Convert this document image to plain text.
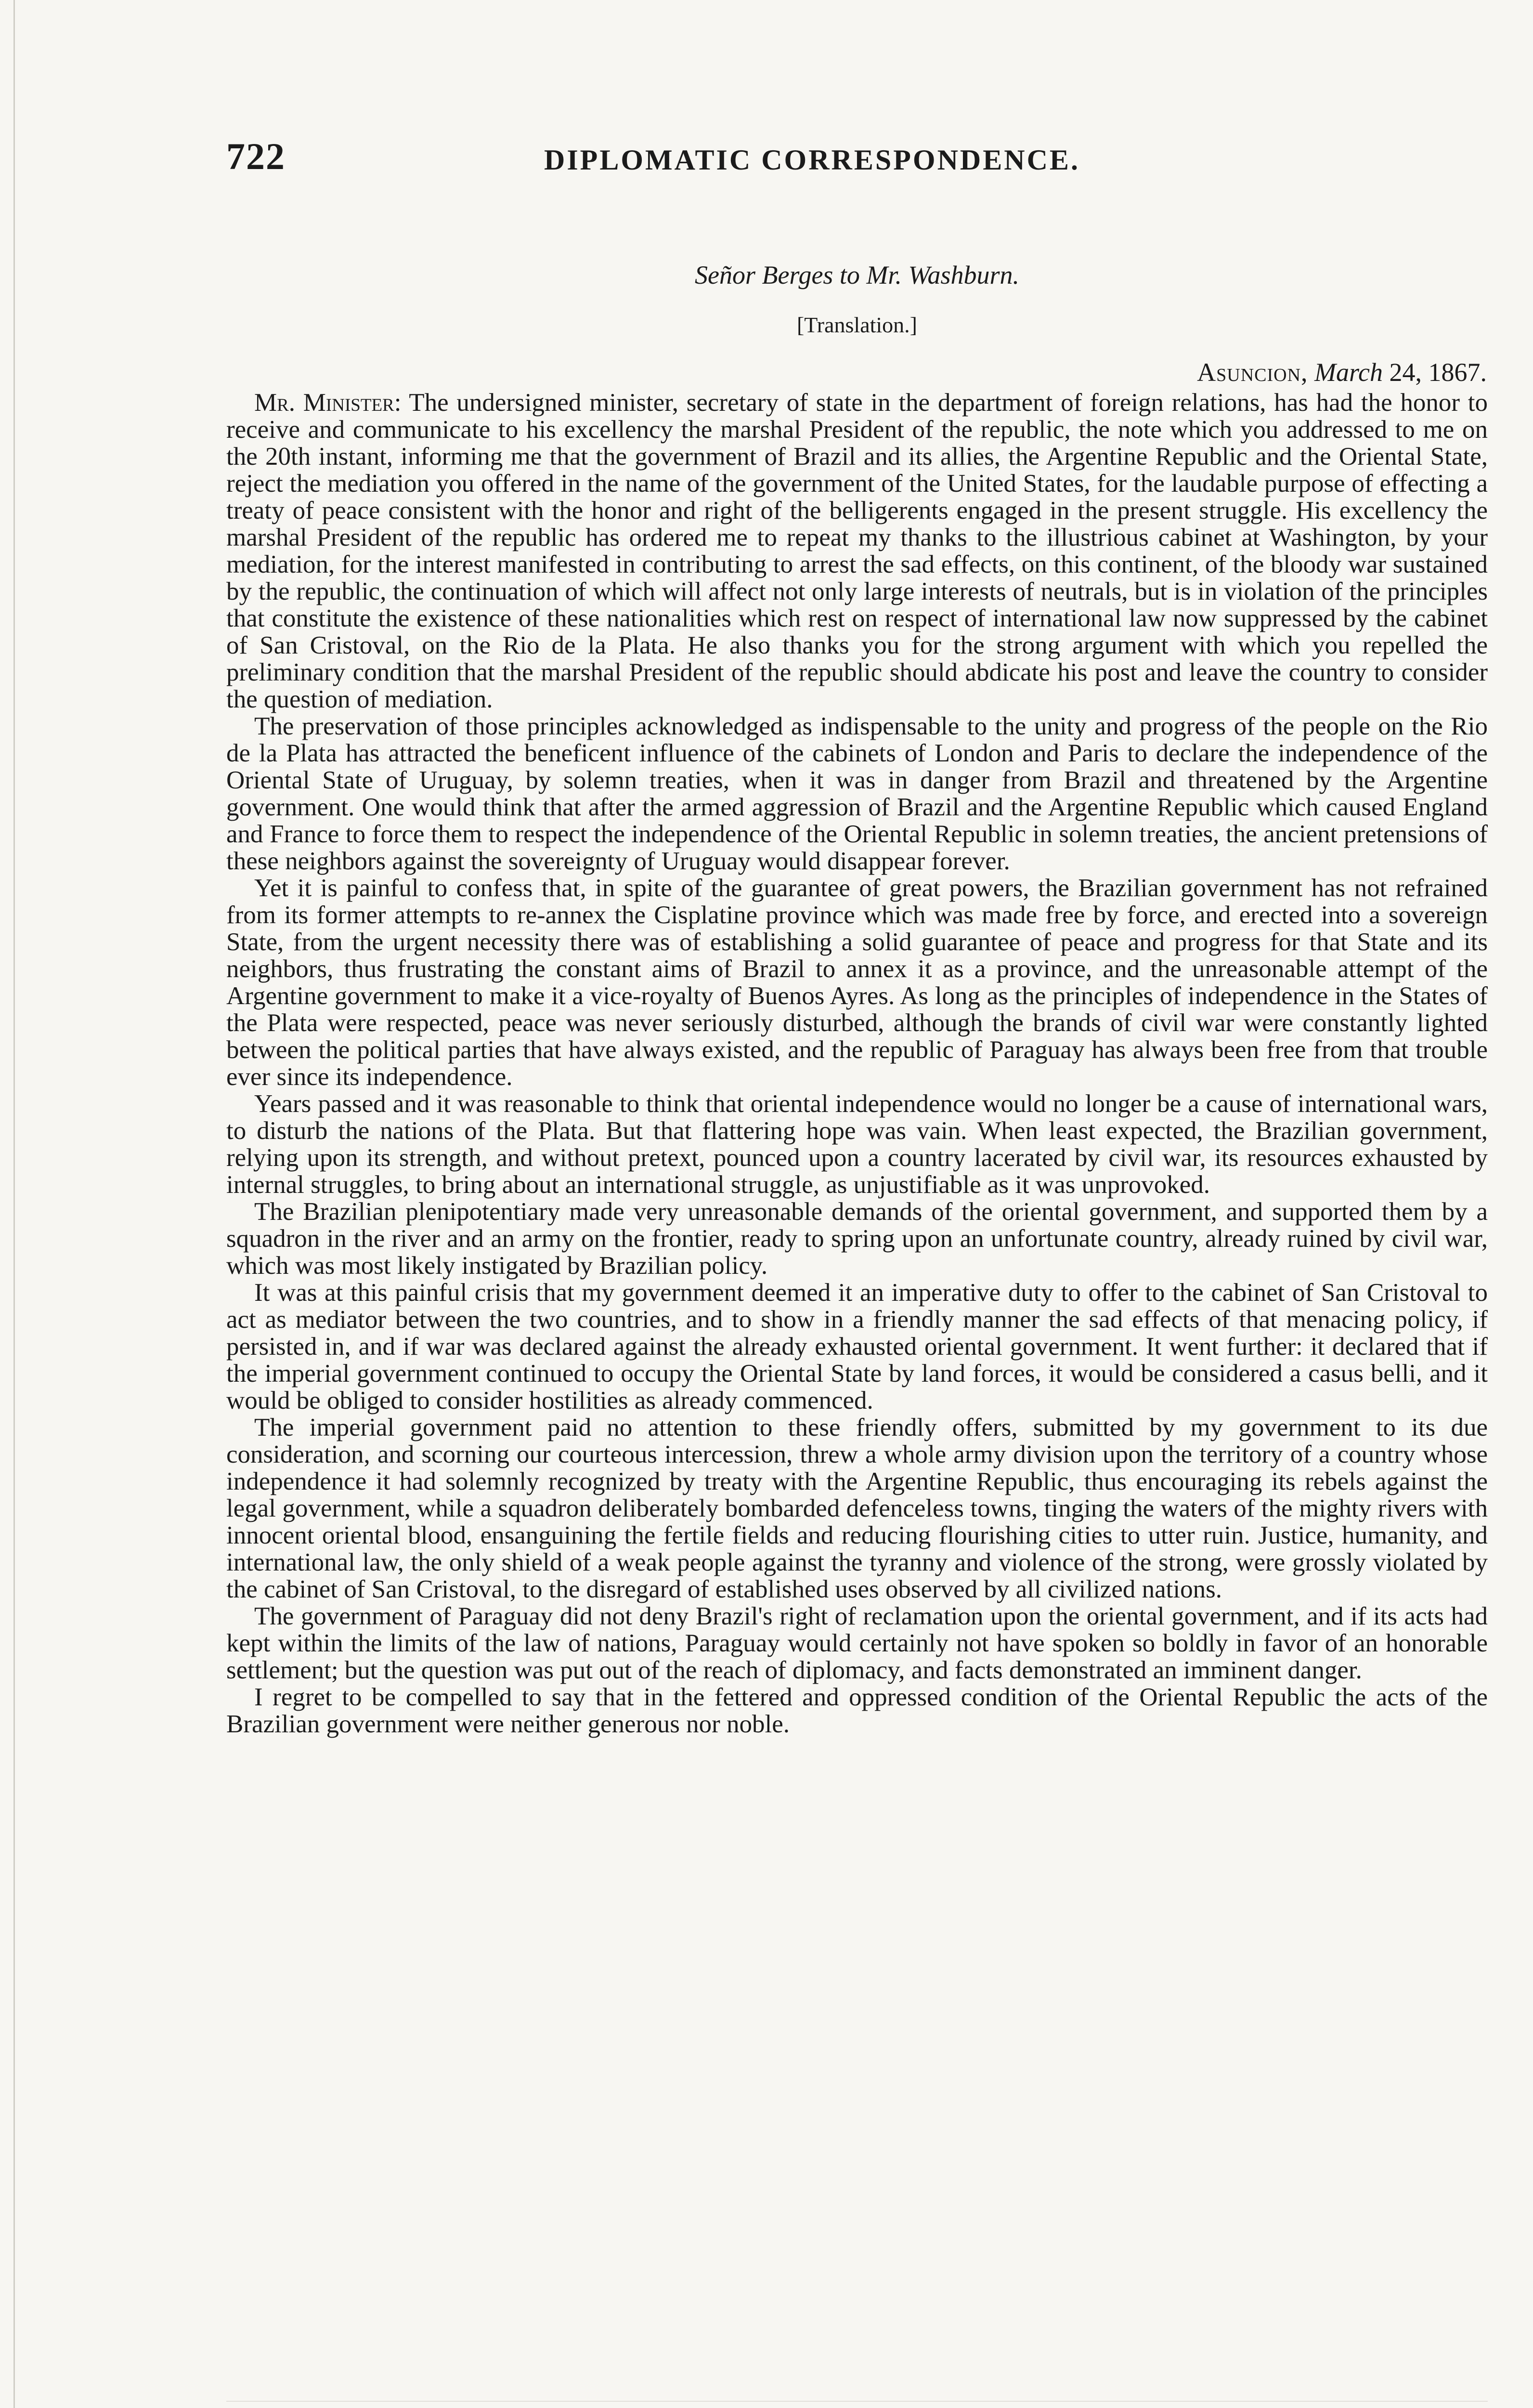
722	DIPLOMATIC CORRESPONDENCE.
Señor Berges to Mr. Washburn.
[Translation.]
Asuncion, March 24, 1867.

Mr. Minister: The undersigned minister, secretary of state in the department of foreign relations, has had the honor to receive and communicate to his excellency the marshal President of the republic, the note which you addressed to me on the 20th instant, informing me that the government of Brazil and its allies, the Argentine Republic and the Oriental State, reject the mediation you offered in the name of the government of the United States, for the laudable purpose of effecting a treaty of peace consistent with the honor and right of the belligerents engaged in the present struggle. His excellency the marshal President of the republic has ordered me to repeat my thanks to the illustrious cabinet at Washington, by your mediation, for the interest manifested in contributing to arrest the sad effects, on this continent, of the bloody war sustained by the republic, the continuation of which will affect not only large interests of neutrals, but is in violation of the principles that constitute the existence of these nationalities which rest on respect of international law now suppressed by the cabinet of San Cristoval, on the Rio de la Plata. He also thanks you for the strong argument with which you repelled the preliminary condition that the marshal President of the republic should abdicate his post and leave the country to consider the question of mediation.

The preservation of those principles acknowledged as indispensable to the unity and progress of the people on the Rio de la Plata has attracted the beneficent influence of the cabinets of London and Paris to declare the independence of the Oriental State of Uruguay, by solemn treaties, when it was in danger from Brazil and threatened by the Argentine government. One would think that after the armed aggression of Brazil and the Argentine Republic which caused England and France to force them to respect the independence of the Oriental Republic in solemn treaties, the ancient pretensions of these neighbors against the sovereignty of Uruguay would disappear forever.

Yet it is painful to confess that, in spite of the guarantee of great powers, the Brazilian government has not refrained from its former attempts to re-annex the Cisplatine province which was made free by force, and erected into a sovereign State, from the urgent necessity there was of establishing a solid guarantee of peace and progress for that State and its neighbors, thus frustrating the constant aims of Brazil to annex it as a province, and the unreasonable attempt of the Argentine government to make it a vice-royalty of Buenos Ayres. As long as the principles of independence in the States of the Plata were respected, peace was never seriously disturbed, although the brands of civil war were constantly lighted between the political parties that have always existed, and the republic of Paraguay has always been free from that trouble ever since its independence.

Years passed and it was reasonable to think that oriental independence would no longer be a cause of international wars, to disturb the nations of the Plata. But that flattering hope was vain. When least expected, the Brazilian government, relying upon its strength, and without pretext, pounced upon a country lacerated by civil war, its resources exhausted by internal struggles, to bring about an international struggle, as unjustifiable as it was unprovoked.

The Brazilian plenipotentiary made very unreasonable demands of the oriental government, and supported them by a squadron in the river and an army on the frontier, ready to spring upon an unfortunate country, already ruined by civil war, which was most likely instigated by Brazilian policy.

It was at this painful crisis that my government deemed it an imperative duty to offer to the cabinet of San Cristoval to act as mediator between the two countries, and to show in a friendly manner the sad effects of that menacing policy, if persisted in, and if war was declared against the already exhausted oriental government. It went further: it declared that if the imperial government continued to occupy the Oriental State by land forces, it would be considered a casus belli, and it would be obliged to consider hostilities as already commenced.

The imperial government paid no attention to these friendly offers, submitted by my government to its due consideration, and scorning our courteous intercession, threw a whole army division upon the territory of a country whose independence it had solemnly recognized by treaty with the Argentine Republic, thus encouraging its rebels against the legal government, while a squadron deliberately bombarded defenceless towns, tinging the waters of the mighty rivers with innocent oriental blood, ensanguining the fertile fields and reducing flourishing cities to utter ruin. Justice, humanity, and international law, the only shield of a weak people against the tyranny and violence of the strong, were grossly violated by the cabinet of San Cristoval, to the disregard of established uses observed by all civilized nations.

The government of Paraguay did not deny Brazil's right of reclamation upon the oriental government, and if its acts had kept within the limits of the law of nations, Paraguay would certainly not have spoken so boldly in favor of an honorable settlement; but the question was put out of the reach of diplomacy, and facts demonstrated an imminent danger.

I regret to be compelled to say that in the fettered and oppressed condition of the Oriental Republic the acts of the Brazilian government were neither generous nor noble.
